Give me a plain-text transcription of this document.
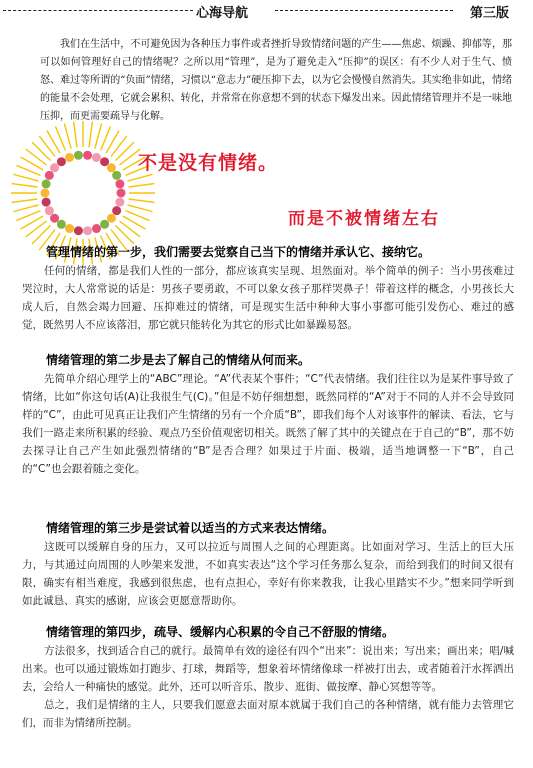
心海导航	第三版

我们在生活中，不可避免因为各种压力事件或者挫折导致情绪问题的产生——焦虑、烦躁、抑郁等，那可以如何管理好自己的情绪呢？之所以用“管理”，是为了避免走入“压抑”的误区：有不少人对于生气、愤怒、难过等所谓的“负面”情绪，习惯以“意志力”硬压抑下去，以为它会慢慢自然消失。其实绝非如此，情绪的能量不会处理，它就会累积、转化，并常常在你意想不到的状态下爆发出来。因此情绪管理并不是一味地压抑，而更需要疏导与化解。

不是没有情绪。
而是不被情绪左右
管理情绪的第一步，我们需要去觉察自己当下的情绪并承认它、接纳它。

任何的情绪，都是我们人性的一部分，都应该真实呈现、坦然面对。举个简单的例子：当小男孩难过哭泣时，大人常常说的话是：男孩子要勇敢，不可以象女孩子那样哭鼻子！带着这样的概念，小男孩长大成人后，自然会竭力回避、压抑难过的情绪，可是现实生活中种种大事小事都可能引发伤心、难过的感觉，既然男人不应该落泪，那它就只能转化为其它的形式比如暴躁易怒。

情绪管理的第二步是去了解自己的情绪从何而来。

先简单介绍心理学上的“ABC”理论。“A”代表某个事件；“C”代表情绪。我们往往以为是某件事导致了情绪，比如“你这句话(A)让我很生气(C)。”但是不妨仔细想想，既然同样的“A”对于不同的人并不会导致同样的“C”，由此可见真正让我们产生情绪的另有一个介质“B”，即我们每个人对该事件的解读、看法，它与我们一路走来所积累的经验、观点乃至价值观密切相关。既然了解了其中的关键点在于自己的“B”，那不妨去探寻让自己产生如此强烈情绪的“B”是否合理？如果过于片面、极端，适当地调整一下“B”，自己的“C”也会跟着随之变化。

情绪管理的第三步是尝试着以适当的方式来表达情绪。

这既可以缓解自身的压力，又可以拉近与周围人之间的心理距离。比如面对学习、生活上的巨大压力，与其通过向周围的人吵架来发泄，不如真实表达“这个学习任务那么复杂，而给到我们的时间又很有限，确实有相当难度，我感到很焦虑，也有点担心，幸好有你来教我，让我心里踏实不少。”想来同学听到如此诚恳、真实的感谢，应该会更愿意帮助你。

情绪管理的第四步，疏导、缓解内心积累的令自己不舒服的情绪。

方法很多，找到适合自己的就行。最简单有效的途径有四个“出来”：说出来；写出来；画出来；唱/喊出来。也可以通过锻炼如打跑步、打球，舞蹈等，想象着坏情绪像球一样被打出去，或者随着汗水挥洒出去，会给人一种痛快的感觉。此外，还可以听音乐、散步、逛街、做按摩、静心冥想等等。

总之，我们是情绪的主人，只要我们愿意去面对原本就属于我们自己的各种情绪，就有能力去管理它们，而非为情绪所控制。
